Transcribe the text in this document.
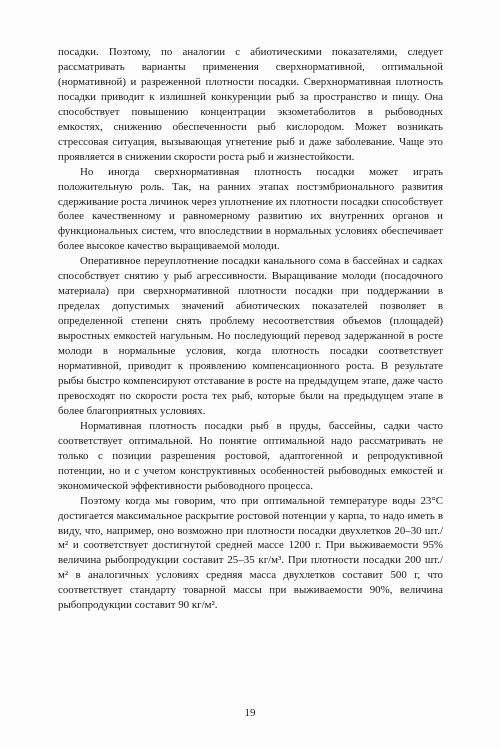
посадки. Поэтому, по аналогии с абиотическими показателями, следует рассматривать варианты применения сверхнормативной, оптимальной (нормативной) и разреженной плотности посадки. Сверхнормативная плотность посадки приводит к излишней конкуренции рыб за пространство и пищу. Она способствует повышению концентрации экзометаболитов в рыбоводных емкостях, снижению обеспеченности рыб кислородом. Может возникать стрессовая ситуация, вызывающая угнетение рыб и даже заболевание. Чаще это проявляется в снижении скорости роста рыб и жизнестойкости.

Но иногда сверхнормативная плотность посадки может играть положительную роль. Так, на ранних этапах постэмбрионального развития сдерживание роста личинок через уплотнение их плотности посадки способствует более качественному и равномерному развитию их внутренних органов и функциональных систем, что впоследствии в нормальных условиях обеспечивает более высокое качество выращиваемой молоди.

Оперативное переуплотнение посадки канального сома в бассейнах и садках способствует снятию у рыб агрессивности. Выращивание молоди (посадочного материала) при сверхнормативной плотности посадки при поддержании в пределах допустимых значений абиотических показателей позволяет в определенной степени снять проблему несоответствия объемов (площадей) выростных емкостей нагульным. Но последующий перевод задержанной в росте молоди в нормальные условия, когда плотность посадки соответствует нормативной, приводит к проявлению компенсационного роста. В результате рыбы быстро компенсируют отставание в росте на предыдущем этапе, даже часто превосходят по скорости роста тех рыб, которые были на предыдущем этапе в более благоприятных условиях.

Нормативная плотность посадки рыб в пруды, бассейны, садки часто соответствует оптимальной. Но понятие оптимальной надо рассматривать не только с позиции разрешения ростовой, адаптогенной и репродуктивной потенции, но и с учетом конструктивных особенностей рыбоводных емкостей и экономической эффективности рыбоводного процесса.

Поэтому когда мы говорим, что при оптимальной температуре воды 23°С достигается максимальное раскрытие ростовой потенции у карпа, то надо иметь в виду, что, например, оно возможно при плотности посадки двухлетков 20–30 шт./м² и соответствует достигнутой средней массе 1200 г. При выживаемости 95% величина рыбопродукции составит 25–35 кг/м³. При плотности посадки 200 шт./м² в аналогичных условиях средняя масса двухлетков составит 500 г, что соответствует стандарту товарной массы при выживаемости 90%, величина рыбопродукции составит 90 кг/м².

19
